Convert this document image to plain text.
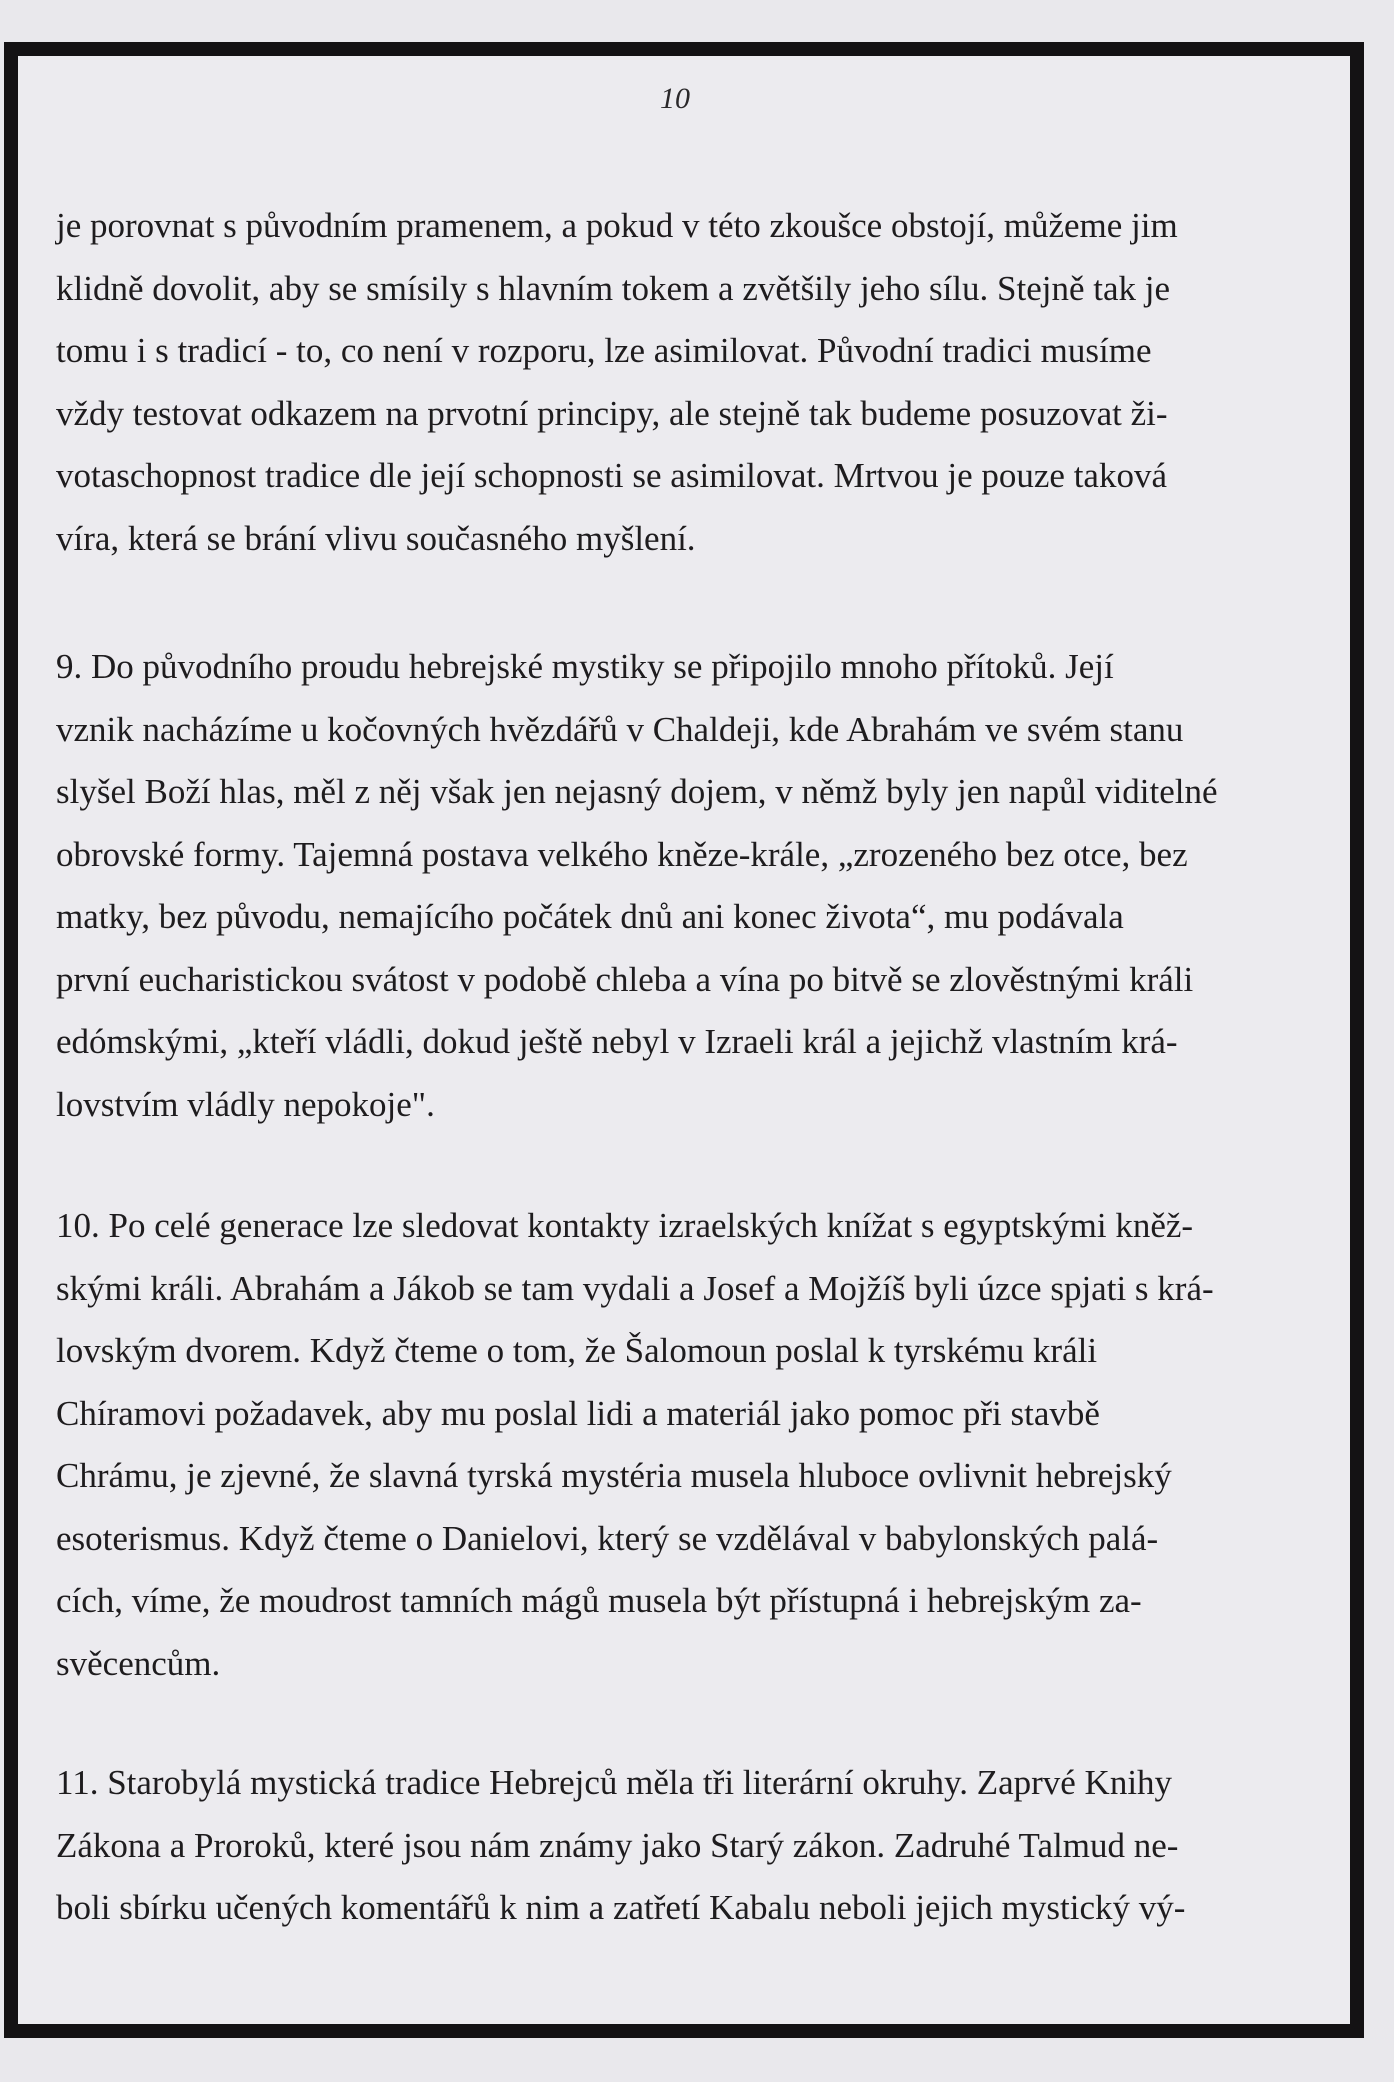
10
je porovnat s původním pramenem, a pokud v této zkoušce obstojí, můžeme jim
klidně dovolit, aby se smísily s hlavním tokem a zvětšily jeho sílu. Stejně tak je
tomu i s tradicí - to, co není v rozporu, lze asimilovat. Původní tradici musíme
vždy testovat odkazem na prvotní principy, ale stejně tak budeme posuzovat ži-
votaschopnost tradice dle její schopnosti se asimilovat. Mrtvou je pouze taková
víra, která se brání vlivu současného myšlení.
9. Do původního proudu hebrejské mystiky se připojilo mnoho přítoků. Její
vznik nacházíme u kočovných hvězdářů v Chaldeji, kde Abrahám ve svém stanu
slyšel Boží hlas, měl z něj však jen nejasný dojem, v němž byly jen napůl viditelné
obrovské formy. Tajemná postava velkého kněze-krále, „zrozeného bez otce, bez
matky, bez původu, nemajícího počátek dnů ani konec života“, mu podávala
první eucharistickou svátost v podobě chleba a vína po bitvě se zlověstnými králi
edómskými, „kteří vládli, dokud ještě nebyl v Izraeli král a jejichž vlastním krá-
lovstvím vládly nepokoje".
10. Po celé generace lze sledovat kontakty izraelských knížat s egyptskými kněž-
skými králi. Abrahám a Jákob se tam vydali a Josef a Mojžíš byli úzce spjati s krá-
lovským dvorem. Když čteme o tom, že Šalomoun poslal k tyrskému králi
Chíramovi požadavek, aby mu poslal lidi a materiál jako pomoc při stavbě
Chrámu, je zjevné, že slavná tyrská mystéria musela hluboce ovlivnit hebrejský
esoterismus. Když čteme o Danielovi, který se vzdělával v babylonských palá-
cích, víme, že moudrost tamních mágů musela být přístupná i hebrejským za-
svěcencům.
11. Starobylá mystická tradice Hebrejců měla tři literární okruhy. Zaprvé Knihy
Zákona a Proroků, které jsou nám známy jako Starý zákon. Zadruhé Talmud ne-
boli sbírku učených komentářů k nim a zatřetí Kabalu neboli jejich mystický vý-
